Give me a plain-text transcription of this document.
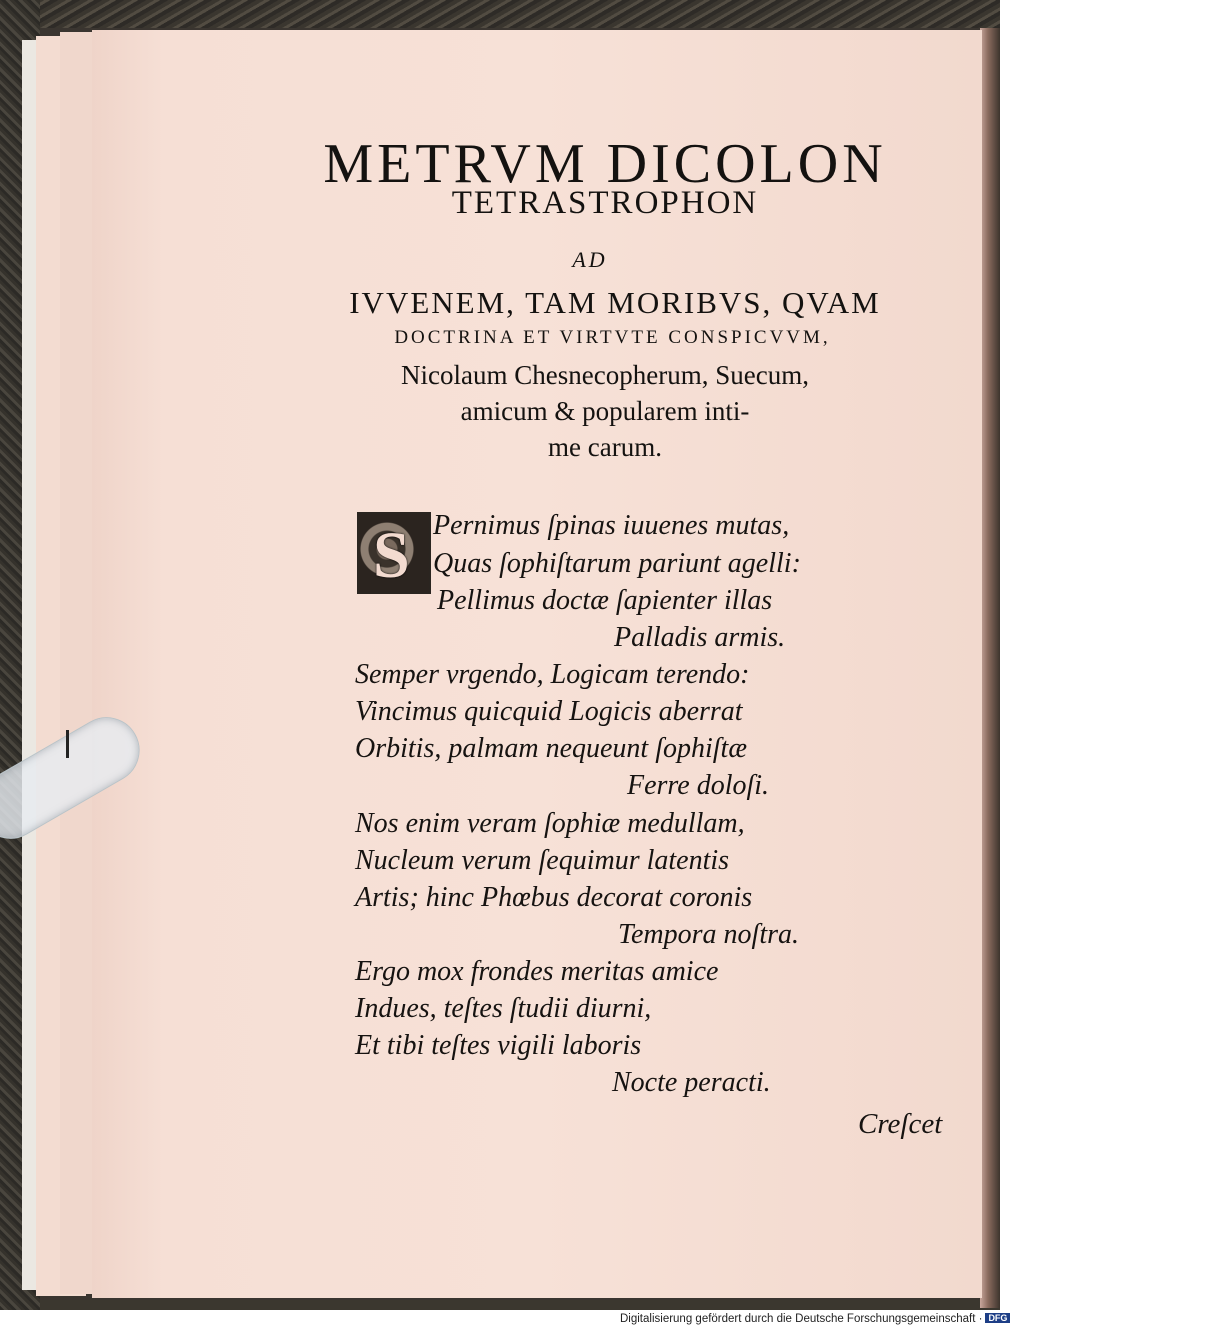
METRVM DICOLON
TETRASTROPHON
AD
IVVENEM, TAM MORIBVS, QVAM
DOCTRINA ET VIRTVTE CONSPICVVM,
Nicolaum Chesnecopherum, Suecum,
amicum & popularem inti-
me carum.
S Pernimus ſpinas iuuenes mutas,
Quas ſophiſtarum pariunt agelli:
Pellimus doctæ ſapienter illas
Palladis armis.
Semper vrgendo, Logicam terendo:
Vincimus quicquid Logicis aberrat
Orbitis, palmam nequeunt ſophiſtæ
Ferre doloſi.
Nos enim veram ſophiæ medullam,
Nucleum verum ſequimur latentis
Artis; hinc Phœbus decorat coronis
Tempora noſtra.
Ergo mox frondes meritas amice
Indues, teſtes ſtudii diurni,
Et tibi teſtes vigili laboris
Nocte peracti.
Creſcet
Digitalisierung gefördert durch die Deutsche Forschungsgemeinschaft · DFG
